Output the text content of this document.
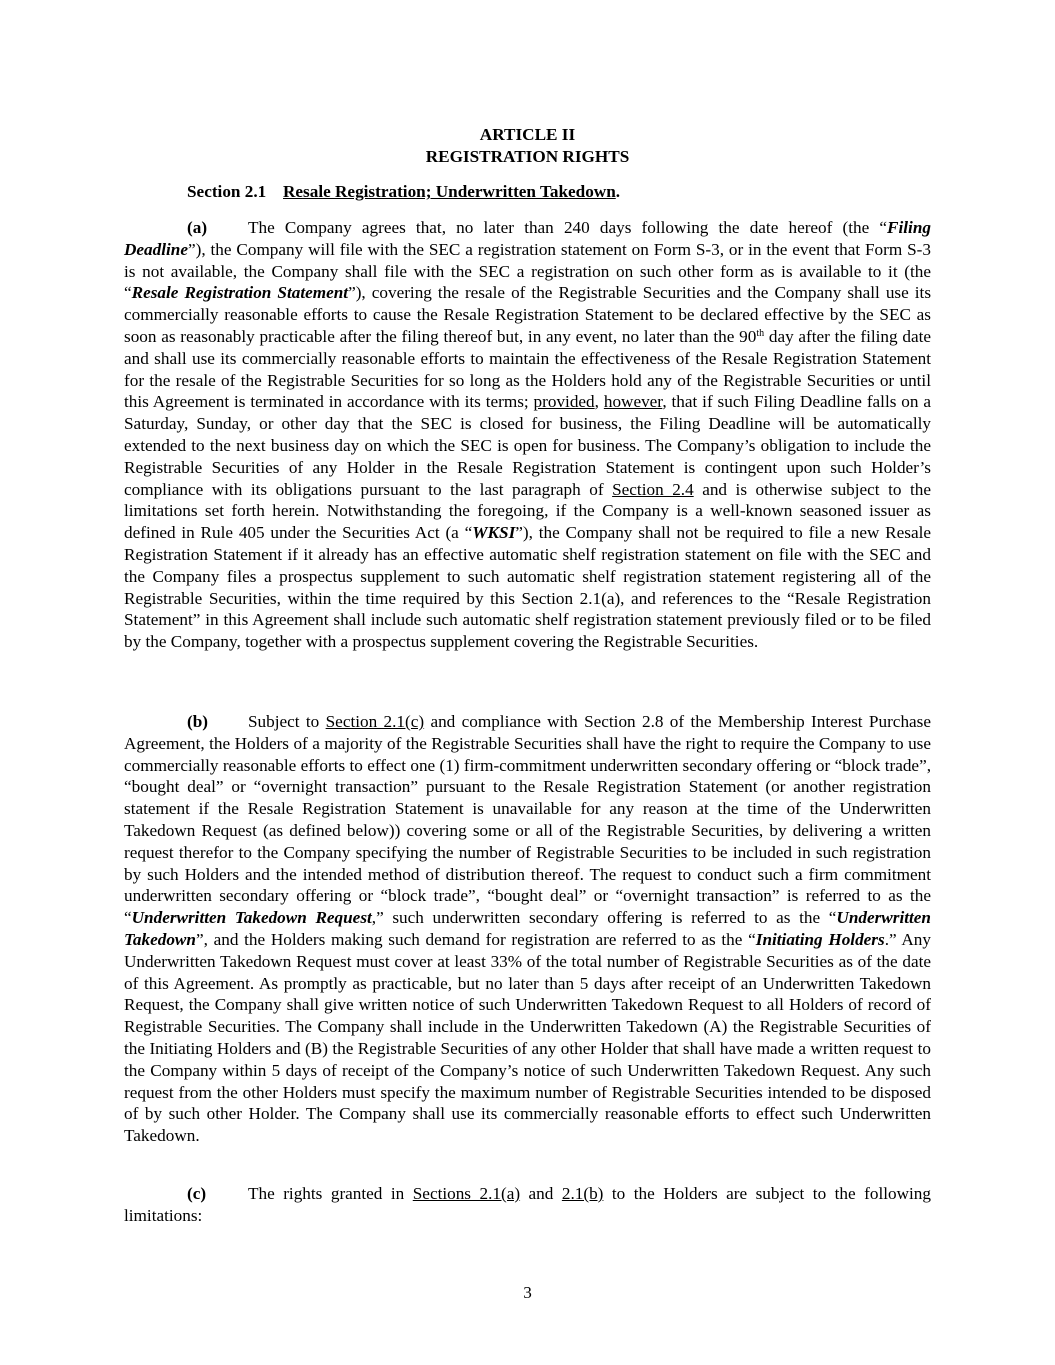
ARTICLE II
REGISTRATION RIGHTS
Section 2.1 Resale Registration; Underwritten Takedown.

(a) The Company agrees that, no later than 240 days following the date hereof (the “Filing Deadline”), the Company will file with the SEC a registration statement on Form S-3, or in the event that Form S-3 is not available, the Company shall file with the SEC a registration on such other form as is available to it (the “Resale Registration Statement”), covering the resale of the Registrable Securities and the Company shall use its commercially reasonable efforts to cause the Resale Registration Statement to be declared effective by the SEC as soon as reasonably practicable after the filing thereof but, in any event, no later than the 90th day after the filing date and shall use its commercially reasonable efforts to maintain the effectiveness of the Resale Registration Statement for the resale of the Registrable Securities for so long as the Holders hold any of the Registrable Securities or until this Agreement is terminated in accordance with its terms; provided, however, that if such Filing Deadline falls on a Saturday, Sunday, or other day that the SEC is closed for business, the Filing Deadline will be automatically extended to the next business day on which the SEC is open for business. The Company’s obligation to include the Registrable Securities of any Holder in the Resale Registration Statement is contingent upon such Holder’s compliance with its obligations pursuant to the last paragraph of Section 2.4 and is otherwise subject to the limitations set forth herein. Notwithstanding the foregoing, if the Company is a well-known seasoned issuer as defined in Rule 405 under the Securities Act (a “WKSI”), the Company shall not be required to file a new Resale Registration Statement if it already has an effective automatic shelf registration statement on file with the SEC and the Company files a prospectus supplement to such automatic shelf registration statement registering all of the Registrable Securities, within the time required by this Section 2.1(a), and references to the “Resale Registration Statement” in this Agreement shall include such automatic shelf registration statement previously filed or to be filed by the Company, together with a prospectus supplement covering the Registrable Securities.

(b) Subject to Section 2.1(c) and compliance with Section 2.8 of the Membership Interest Purchase Agreement, the Holders of a majority of the Registrable Securities shall have the right to require the Company to use commercially reasonable efforts to effect one (1) firm-commitment underwritten secondary offering or “block trade”, “bought deal” or “overnight transaction” pursuant to the Resale Registration Statement (or another registration statement if the Resale Registration Statement is unavailable for any reason at the time of the Underwritten Takedown Request (as defined below)) covering some or all of the Registrable Securities, by delivering a written request therefor to the Company specifying the number of Registrable Securities to be included in such registration by such Holders and the intended method of distribution thereof. The request to conduct such a firm commitment underwritten secondary offering or “block trade”, “bought deal” or “overnight transaction” is referred to as the “Underwritten Takedown Request,” such underwritten secondary offering is referred to as the “Underwritten Takedown”, and the Holders making such demand for registration are referred to as the “Initiating Holders.” Any Underwritten Takedown Request must cover at least 33% of the total number of Registrable Securities as of the date of this Agreement. As promptly as practicable, but no later than 5 days after receipt of an Underwritten Takedown Request, the Company shall give written notice of such Underwritten Takedown Request to all Holders of record of Registrable Securities. The Company shall include in the Underwritten Takedown (A) the Registrable Securities of the Initiating Holders and (B) the Registrable Securities of any other Holder that shall have made a written request to the Company within 5 days of receipt of the Company’s notice of such Underwritten Takedown Request. Any such request from the other Holders must specify the maximum number of Registrable Securities intended to be disposed of by such other Holder. The Company shall use its commercially reasonable efforts to effect such Underwritten Takedown.

(c) The rights granted in Sections 2.1(a) and 2.1(b) to the Holders are subject to the following limitations:

3
